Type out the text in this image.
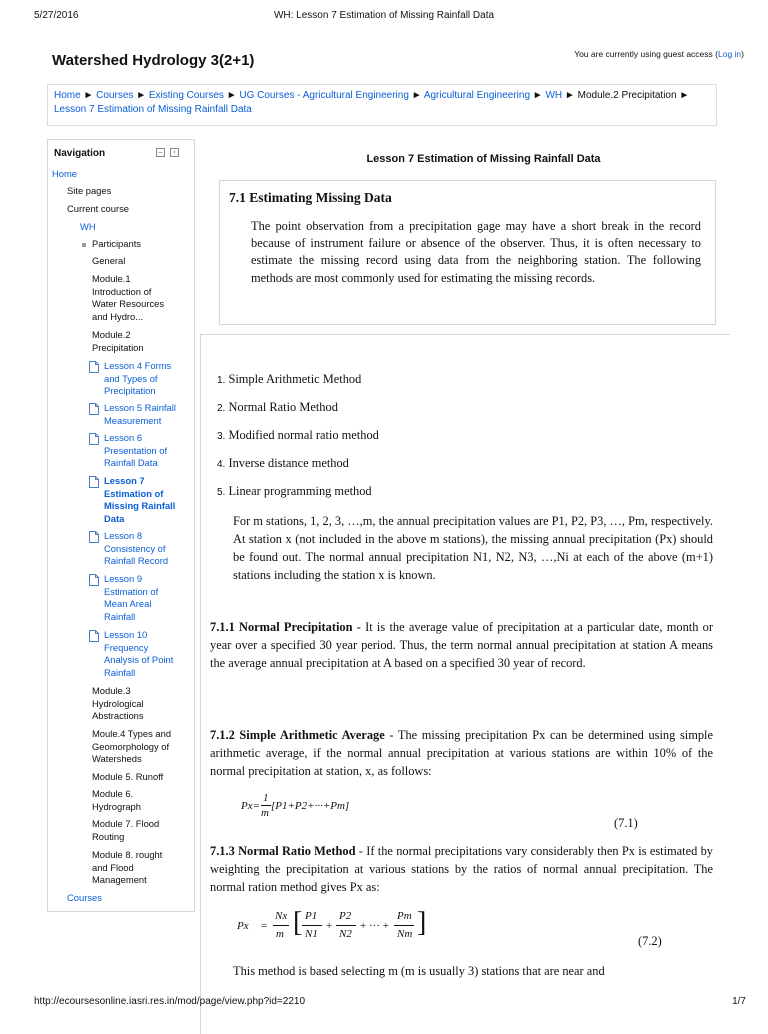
5/27/2016	WH: Lesson 7 Estimation of Missing Rainfall Data
Watershed Hydrology 3(2+1)	You are currently using guest access (Log in)
Home ► Courses ► Existing Courses ► UG Courses - Agricultural Engineering ► Agricultural Engineering ► WH ► Module.2 Precipitation ►
Lesson 7 Estimation of Missing Rainfall Data
Navigation	–	‹
Home
Site pages
Current course
WH
Participants
General
Module.1
Introduction of
Water Resources
and Hydro...
Module.2
Precipitation
Lesson 4 Forms
and Types of
Precipitation
Lesson 5 Rainfall
Measurement
Lesson 6
Presentation of
Rainfall Data
Lesson 7
Estimation of
Missing Rainfall
Data
Lesson 8
Consistency of
Rainfall Record
Lesson 9
Estimation of
Mean Areal
Rainfall
Lesson 10
Frequency
Analysis of Point
Rainfall
Module.3
Hydrological
Abstractions
Moule.4 Types and
Geomorphology of
Watersheds
Module 5. Runoff
Module 6.
Hydrograph
Module 7. Flood
Routing
Module 8. rought
and Flood
Management
Courses
Lesson 7 Estimation of Missing Rainfall Data
7.1 Estimating Missing Data
The point observation from a precipitation gage may have a short break in the record because of instrument failure or absence of the observer. Thus, it is often necessary to estimate the missing record using data from the neighboring station. The following methods are most commonly used for estimating the missing records.
1. Simple Arithmetic Method
2. Normal Ratio Method
3. Modified normal ratio method
4. Inverse distance method
5. Linear programming method
For m stations, 1, 2, 3, …,m, the annual precipitation values are P1, P2, P3, …, Pm, respectively. At station x (not included in the above m stations), the missing annual precipitation (Px) should be found out. The normal annual precipitation N1, N2, N3, …,Ni at each of the above (m+1) stations including the station x is known.
7.1.1 Normal Precipitation - It is the average value of precipitation at a particular date, month or year over a specified 30 year period. Thus, the term normal annual precipitation at station A means the average annual precipitation at A based on a specified 30 year of record.
7.1.2 Simple Arithmetic Average - The missing precipitation Px can be determined using simple arithmetic average, if the normal annual precipitation at various stations are within 10% of the normal precipitation at station, x, as follows:
Px=
1
m
[P1+P2+···+Pm]
(7.1)
7.1.3 Normal Ratio Method - If the normal precipitations vary considerably then Px is estimated by weighting the precipitation at various stations by the ratios of normal annual precipitation. The normal ration method gives Px as:
Px =
Nx
m [ P1
N1
+
P2
N2
+ ··· +
Pm
Nm ]
(7.2)
This method is based selecting m (m is usually 3) stations that are near and
http://ecoursesonline.iasri.res.in/mod/page/view.php?id=2210	1/7
